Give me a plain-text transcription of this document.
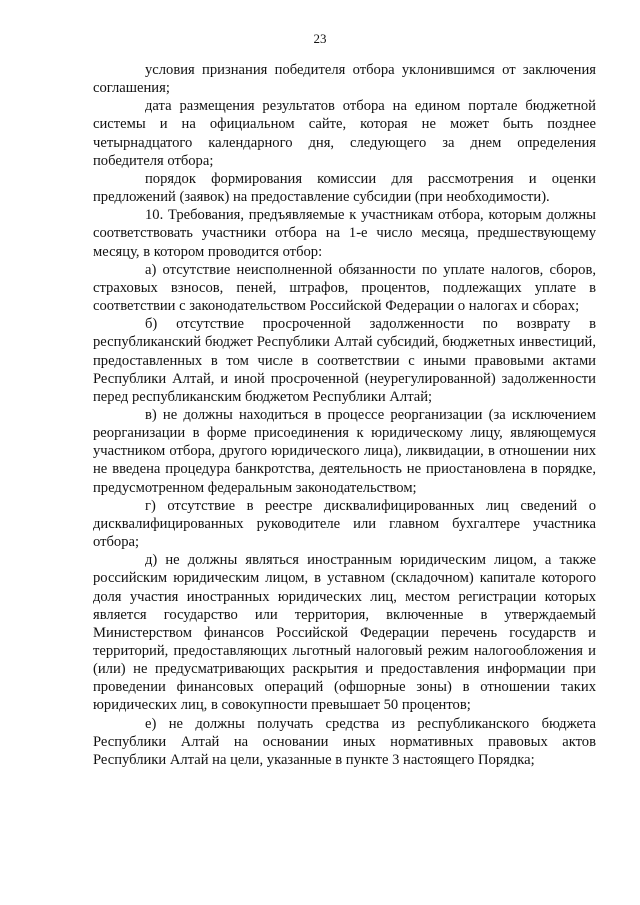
23

условия признания победителя отбора уклонившимся от заключения соглашения;

дата размещения результатов отбора на едином портале бюджетной системы и на официальном сайте, которая не может быть позднее четырнадцатого календарного дня, следующего за днем определения победителя отбора;

порядок формирования комиссии для рассмотрения и оценки предложений (заявок) на предоставление субсидии (при необходимости).

10. Требования, предъявляемые к участникам отбора, которым должны соответствовать участники отбора на 1-е число месяца, предшествующему месяцу, в котором проводится отбор:

а) отсутствие неисполненной обязанности по уплате налогов, сборов, страховых взносов, пеней, штрафов, процентов, подлежащих уплате в соответствии с законодательством Российской Федерации о налогах и сборах;

б) отсутствие просроченной задолженности по возврату в республиканский бюджет Республики Алтай субсидий, бюджетных инвестиций, предоставленных в том числе в соответствии с иными правовыми актами Республики Алтай, и иной просроченной (неурегулированной) задолженности перед республиканским бюджетом Республики Алтай;

в) не должны находиться в процессе реорганизации (за исключением реорганизации в форме присоединения к юридическому лицу, являющемуся участником отбора, другого юридического лица), ликвидации, в отношении них не введена процедура банкротства, деятельность не приостановлена в порядке, предусмотренном федеральным законодательством;

г) отсутствие в реестре дисквалифицированных лиц сведений о дисквалифицированных руководителе или главном бухгалтере участника отбора;

д) не должны являться иностранным юридическим лицом, а также российским юридическим лицом, в уставном (складочном) капитале которого доля участия иностранных юридических лиц, местом регистрации которых является государство или территория, включенные в утверждаемый Министерством финансов Российской Федерации перечень государств и территорий, предоставляющих льготный налоговый режим налогообложения и (или) не предусматривающих раскрытия и предоставления информации при проведении финансовых операций (офшорные зоны) в отношении таких юридических лиц, в совокупности превышает 50 процентов;

е) не должны получать средства из республиканского бюджета Республики Алтай на основании иных нормативных правовых актов Республики Алтай на цели, указанные в пункте 3 настоящего Порядка;
